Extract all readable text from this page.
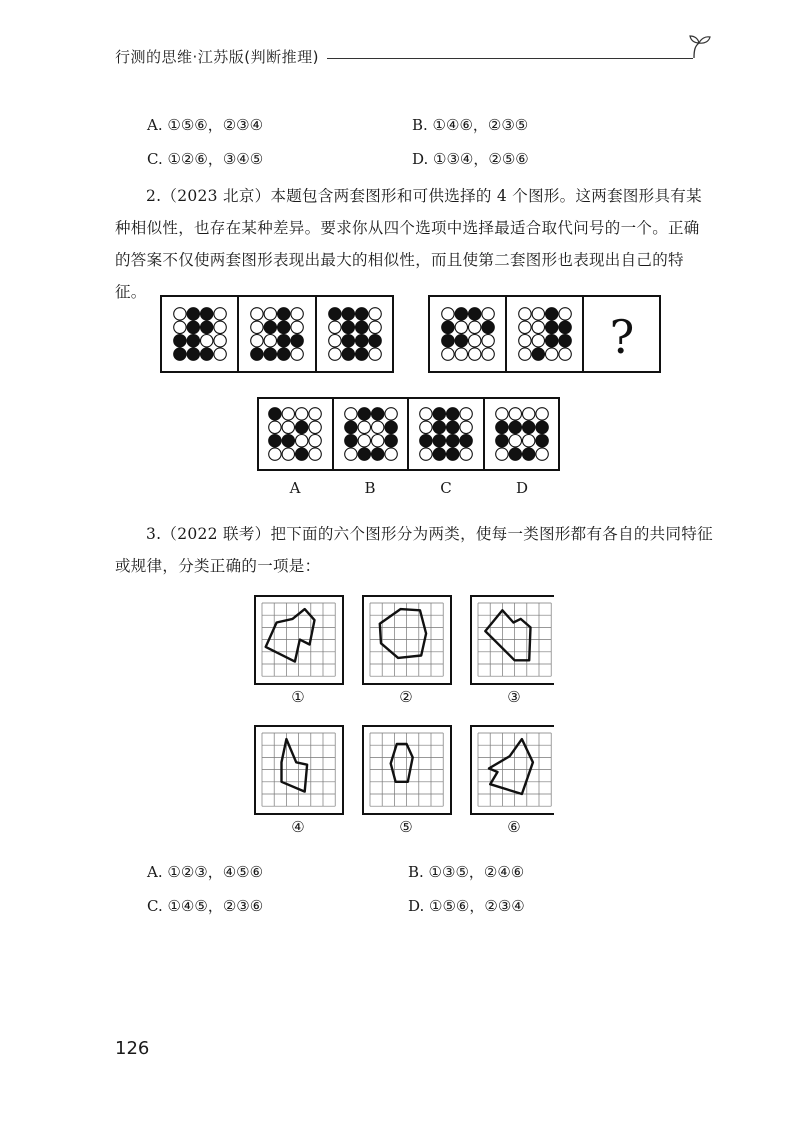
行测的思维·江苏版(判断推理)
A. ①⑤⑥，②③④	B. ①④⑥，②③⑤
C. ①②⑥，③④⑤	D. ①③④，②⑤⑥
2.（2023 北京）本题包含两套图形和可供选择的 4 个图形。这两套图形具有某种相似性，也存在某种差异。要求你从四个选项中选择最适合取代问号的一个。正确的答案不仅使两套图形表现出最大的相似性，而且使第二套图形也表现出自己的特征。
?
A	B	C	D
3.（2022 联考）把下面的六个图形分为两类，使每一类图形都有各自的共同特征或规律，分类正确的一项是：
①	②	③
④	⑤	⑥
A. ①②③，④⑤⑥	B. ①③⑤，②④⑥
C. ①④⑤，②③⑥	D. ①⑤⑥，②③④
126
